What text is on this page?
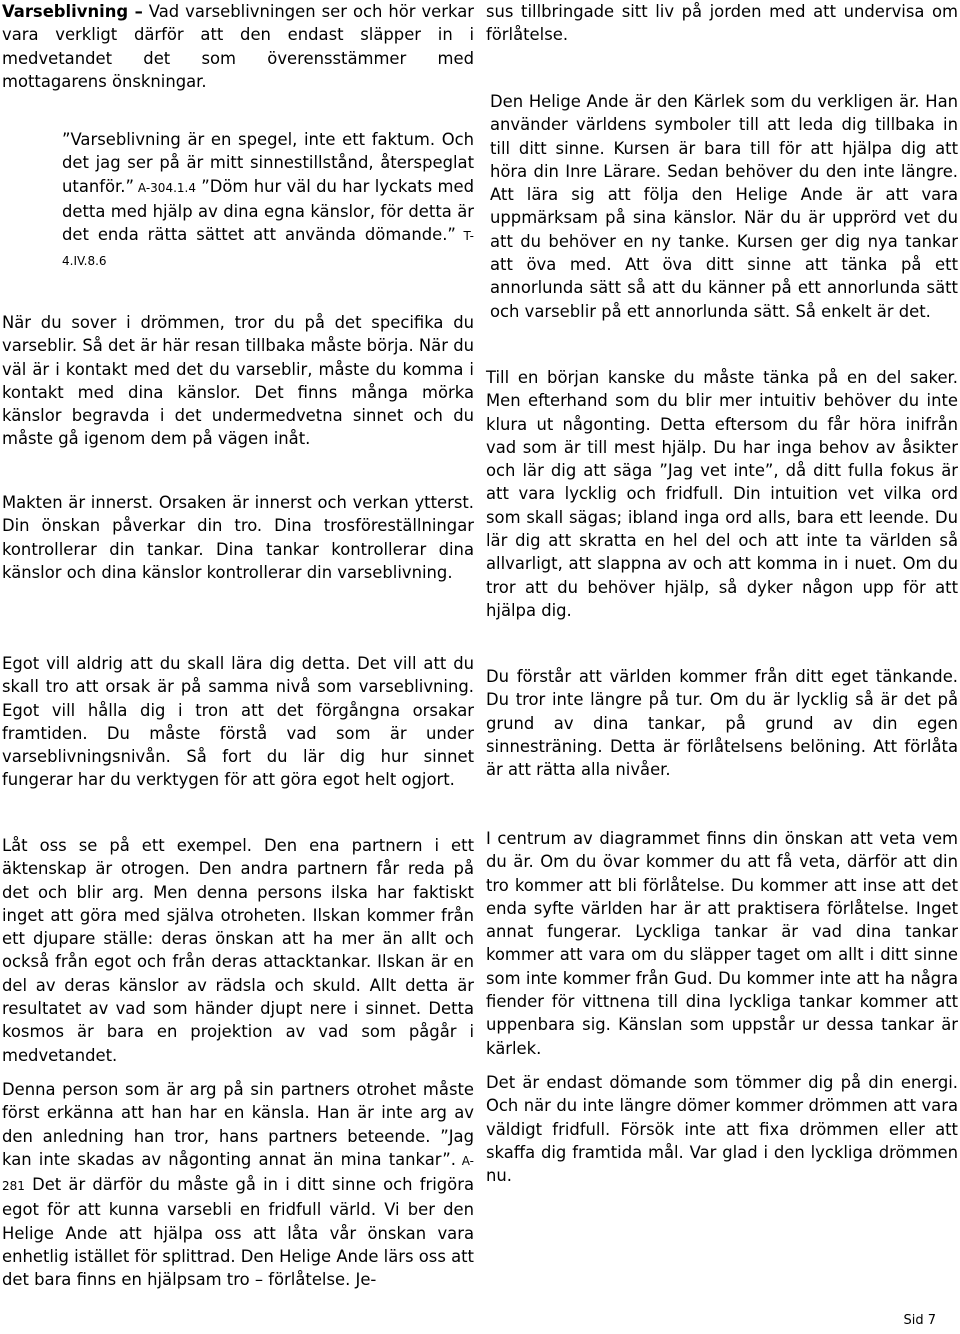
Varseblivning – Vad varseblivningen ser och hör verkar vara verkligt därför att den endast släpper in i medvetandet det som överensstämmer med mottagarens önskningar.

”Varseblivning är en spegel, inte ett faktum. Och det jag ser på är mitt sinnestillstånd, återspeglat utanför.” A-304.1.4 ”Döm hur väl du har lyckats med detta med hjälp av dina egna känslor, för detta är det enda rätta sättet att använda dömande.” T-4.IV.8.6

När du sover i drömmen, tror du på det specifika du varseblir. Så det är här resan tillbaka måste börja. När du väl är i kontakt med det du varseblir, måste du komma i kontakt med dina känslor. Det finns många mörka känslor begravda i det undermedvetna sinnet och du måste gå igenom dem på vägen inåt.

Makten är innerst. Orsaken är innerst och verkan ytterst. Din önskan påverkar din tro. Dina trosföreställningar kontrollerar din tankar. Dina tankar kontrollerar dina känslor och dina känslor kontrollerar din varseblivning.

Egot vill aldrig att du skall lära dig detta. Det vill att du skall tro att orsak är på samma nivå som varseblivning. Egot vill hålla dig i tron att det förgångna orsakar framtiden. Du måste förstå vad som är under varseblivningsnivån. Så fort du lär dig hur sinnet fungerar har du verktygen för att göra egot helt ogjort.

Låt oss se på ett exempel. Den ena partnern i ett äktenskap är otrogen. Den andra partnern får reda på det och blir arg. Men denna persons ilska har faktiskt inget att göra med själva otroheten. Ilskan kommer från ett djupare ställe: deras önskan att ha mer än allt och också från egot och från deras attacktankar. Ilskan är en del av deras känslor av rädsla och skuld. Allt detta är resultatet av vad som händer djupt nere i sinnet. Detta kosmos är bara en projektion av vad som pågår i medvetandet.

Denna person som är arg på sin partners otrohet måste först erkänna att han har en känsla. Han är inte arg av den anledning han tror, hans partners beteende. ”Jag kan inte skadas av någonting annat än mina tankar”. A-281 Det är därför du måste gå in i ditt sinne och frigöra egot för att kunna varsebli en fridfull värld. Vi ber den Helige Ande att hjälpa oss att låta vår önskan vara enhetlig istället för splittrad. Den Helige Ande lärs oss att det bara finns en hjälpsam tro – förlåtelse. Je-

sus tillbringade sitt liv på jorden med att undervisa om förlåtelse.

Den Helige Ande är den Kärlek som du verkligen är. Han använder världens symboler till att leda dig tillbaka in till ditt sinne. Kursen är bara till för att hjälpa dig att höra din Inre Lärare. Sedan behöver du den inte längre. Att lära sig att följa den Helige Ande är att vara uppmärksam på sina känslor. När du är upprörd vet du att du behöver en ny tanke. Kursen ger dig nya tankar att öva med. Att öva ditt sinne att tänka på ett annorlunda sätt så att du känner på ett annorlunda sätt och varseblir på ett annorlunda sätt. Så enkelt är det.

Till en början kanske du måste tänka på en del saker. Men efterhand som du blir mer intuitiv behöver du inte klura ut någonting. Detta eftersom du får höra inifrån vad som är till mest hjälp. Du har inga behov av åsikter och lär dig att säga ”Jag vet inte”, då ditt fulla fokus är att vara lycklig och fridfull. Din intuition vet vilka ord som skall sägas; ibland inga ord alls, bara ett leende. Du lär dig att skratta en hel del och att inte ta världen så allvarligt, att slappna av och att komma in i nuet. Om du tror att du behöver hjälp, så dyker någon upp för att hjälpa dig.

Du förstår att världen kommer från ditt eget tänkande. Du tror inte längre på tur. Om du är lycklig så är det på grund av dina tankar, på grund av din egen sinnesträning. Detta är förlåtelsens belöning. Att förlåta är att rätta alla nivåer.

I centrum av diagrammet finns din önskan att veta vem du är. Om du övar kommer du att få veta, därför att din tro kommer att bli förlåtelse. Du kommer att inse att det enda syfte världen har är att praktisera förlåtelse. Inget annat fungerar. Lyckliga tankar är vad dina tankar kommer att vara om du släpper taget om allt i ditt sinne som inte kommer från Gud. Du kommer inte att ha några fiender för vittnena till dina lyckliga tankar kommer att uppenbara sig. Känslan som uppstår ur dessa tankar är kärlek.

Det är endast dömande som tömmer dig på din energi. Och när du inte längre dömer kommer drömmen att vara väldigt fridfull. Försök inte att fixa drömmen eller att skaffa dig framtida mål. Var glad i den lyckliga drömmen nu.

Sid 7
